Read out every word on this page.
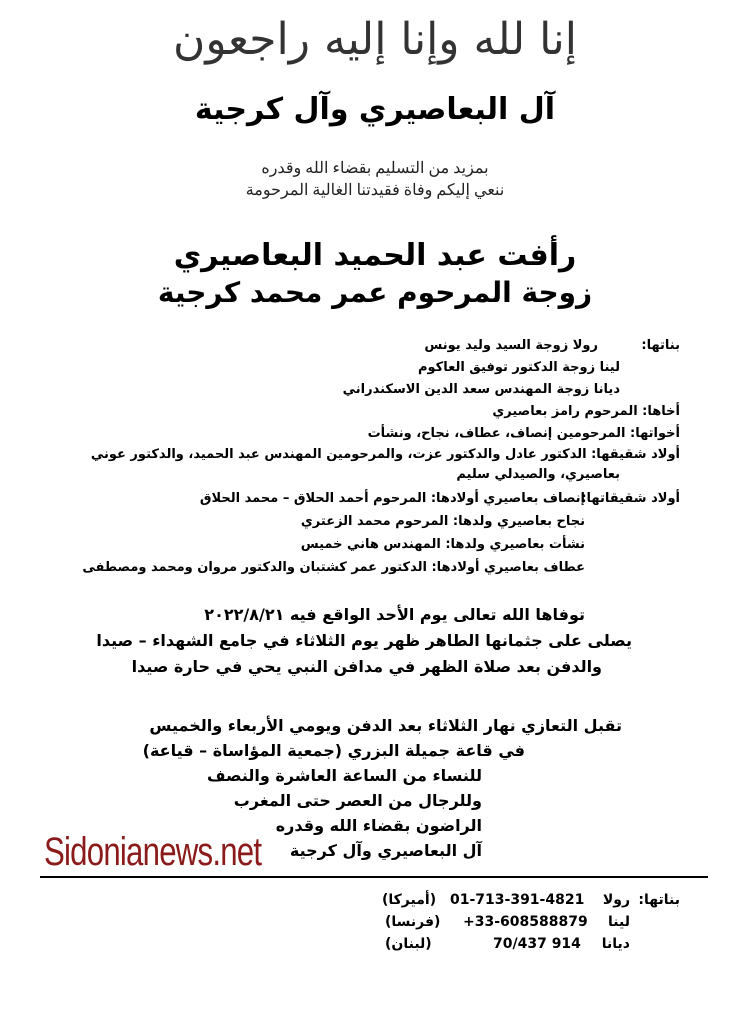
إنا لله وإنا إليه راجعون
آل البعاصيري وآل كرجية
بمزيد من التسليم بقضاء الله وقدره
ننعي إليكم وفاة فقيدتنا الغالية المرحومة
رأفت عبد الحميد البعاصيري
زوجة المرحوم عمر محمد كرجية
بناتها:
رولا زوجة السيد وليد يونس
لينا زوجة الدكتور توفيق العاكوم
ديانا زوجة المهندس سعد الدين الاسكندراني
أخاها: المرحوم رامز بعاصيري
أخواتها: المرحومين إنصاف، عطاف، نجاح، ونشأت
أولاد شقيقها: الدكتور عادل والدكتور عزت، والمرحومين المهندس عبد الحميد، والدكتور عوني
بعاصيري، والصيدلي سليم
أولاد شقيقاتها:
إنصاف بعاصيري أولادها: المرحوم أحمد الحلاق – محمد الحلاق
نجاح بعاصيري ولدها: المرحوم محمد الزعتري
نشأت بعاصيري ولدها: المهندس هاني خميس
عطاف بعاصيري أولادها: الدكتور عمر كشتبان والدكتور مروان ومحمد ومصطفى
توفاها الله تعالى يوم الأحد الواقع فيه ٢٠٢٢/٨/٢١
يصلى على جثمانها الطاهر ظهر يوم الثلاثاء في جامع الشهداء – صيدا
والدفن بعد صلاة الظهر في مدافن النبي يحي في حارة صيدا
تقبل التعازي نهار الثلاثاء بعد الدفن ويومي الأربعاء والخميس
في قاعة جميلة البزري (جمعية المؤاساة – قياعة)
للنساء من الساعة العاشرة والنصف
وللرجال من العصر حتى المغرب
الراضون بقضاء الله وقدره
آل البعاصيري وآل كرجية
Sidonianews.net
بناتها:
رولا
01-713-391-4821
(أميركا)
لينا
+33-608588879
(فرنسا)
ديانا
70/437 914
(لبنان)
